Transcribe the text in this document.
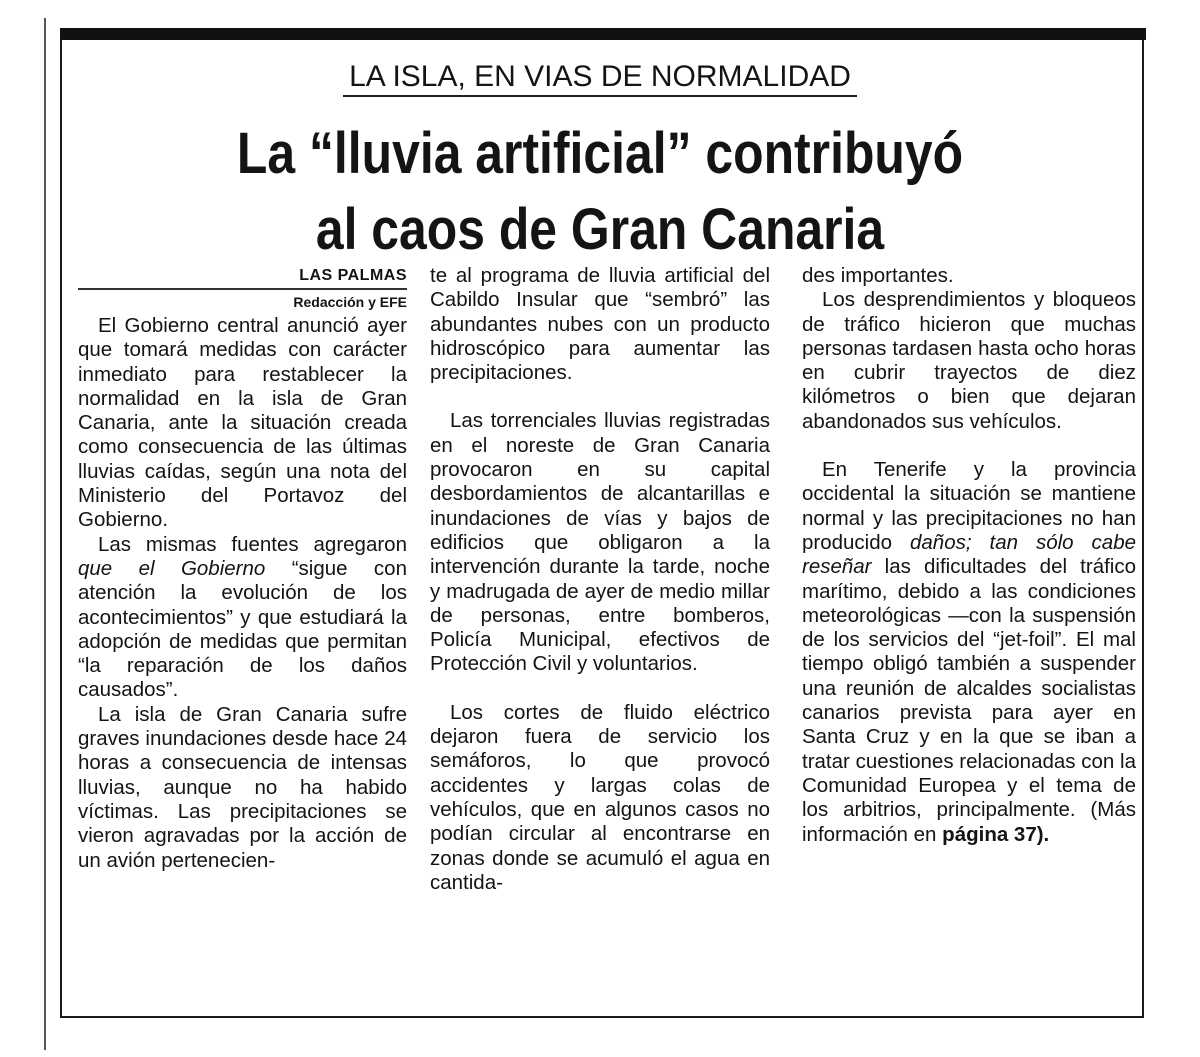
LA ISLA, EN VIAS DE NORMALIDAD
La “lluvia artificial” contribuyó
al caos de Gran Canaria
LAS PALMAS
Redacción y EFE

El Gobierno central anunció ayer que tomará medidas con carácter inmediato para restablecer la normalidad en la isla de Gran Canaria, ante la situación creada como consecuencia de las últimas lluvias caídas, según una nota del Ministerio del Portavoz del Gobierno.

Las mismas fuentes agregaron que el Gobierno “sigue con atención la evolución de los acontecimientos” y que estudiará la adopción de medidas que permitan “la reparación de los daños causados”.

La isla de Gran Canaria sufre graves inundaciones desde hace 24 horas a consecuencia de intensas lluvias, aunque no ha habido víctimas. Las precipitaciones se vieron agravadas por la acción de un avión pertenecien-

te al programa de lluvia artificial del Cabildo Insular que “sembró” las abundantes nubes con un producto hidroscópico para aumentar las precipitaciones.

Las torrenciales lluvias registradas en el noreste de Gran Canaria provocaron en su capital desbordamientos de alcantarillas e inundaciones de vías y bajos de edificios que obligaron a la intervención durante la tarde, noche y madrugada de ayer de medio millar de personas, entre bomberos, Policía Municipal, efectivos de Protección Civil y voluntarios.

Los cortes de fluido eléctrico dejaron fuera de servicio los semáforos, lo que provocó accidentes y largas colas de vehículos, que en algunos casos no podían circular al encontrarse en zonas donde se acumuló el agua en cantida-

des importantes.

Los desprendimientos y bloqueos de tráfico hicieron que muchas personas tardasen hasta ocho horas en cubrir trayectos de diez kilómetros o bien que dejaran abandonados sus vehículos.

En Tenerife y la provincia occidental la situación se mantiene normal y las precipitaciones no han producido daños; tan sólo cabe reseñar las dificultades del tráfico marítimo, debido a las condiciones meteorológicas —con la suspensión de los servicios del “jet-foil”. El mal tiempo obligó también a suspender una reunión de alcaldes socialistas canarios prevista para ayer en Santa Cruz y en la que se iban a tratar cuestiones relacionadas con la Comunidad Europea y el tema de los arbitrios, principalmente. (Más información en página 37).
